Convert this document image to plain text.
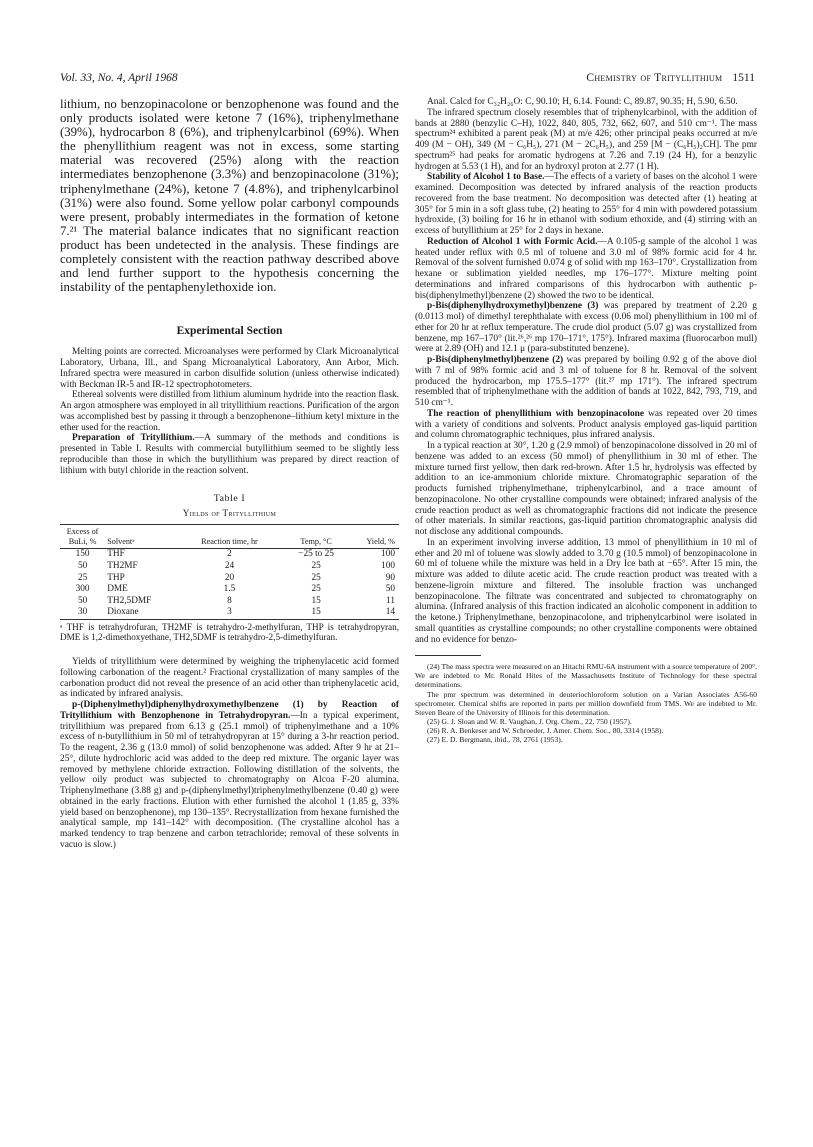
Vol. 33, No. 4, April 1968	Chemistry of Trityllithium 1511

lithium, no benzopinacolone or benzophenone was found and the only products isolated were ketone 7 (16%), triphenylmethane (39%), hydrocarbon 8 (6%), and triphenylcarbinol (69%). When the phenyllithium reagent was not in excess, some starting material was recovered (25%) along with the reaction intermediates benzophenone (3.3%) and benzopinacolone (31%); triphenylmethane (24%), ketone 7 (4.8%), and triphenylcarbinol (31%) were also found. Some yellow polar carbonyl compounds were present, probably intermediates in the formation of ketone 7.²¹ The material balance indicates that no significant reaction product has been undetected in the analysis. These findings are completely consistent with the reaction pathway described above and lend further support to the hypothesis concerning the instability of the pentaphenylethoxide ion.

Experimental Section

Melting points are corrected. Microanalyses were performed by Clark Microanalytical Laboratory, Urbana, Ill., and Spang Microanalytical Laboratory, Ann Arbor, Mich. Infrared spectra were measured in carbon disulfide solution (unless otherwise indicated) with Beckman IR-5 and IR-12 spectrophotometers.

Ethereal solvents were distilled from lithium aluminum hydride into the reaction flask. An argon atmosphere was employed in all trityllithium reactions. Purification of the argon was accomplished best by passing it through a benzophenone–lithium ketyl mixture in the ether used for the reaction.

Preparation of Trityllithium.—A summary of the methods and conditions is presented in Table I. Results with commercial butyllithium seemed to be slightly less reproducible than those in which the butyllithium was prepared by direct reaction of lithium with butyl chloride in the reaction solvent.

Table I

Yields of Trityllithium

Excess of BuLi, %	Solventᵃ	Reaction time, hr	Temp, °C	Yield, %
150	THF	2	−25 to 25	100
50	TH2MF	24	25	100
25	THP	20	25	90
300	DME	1.5	25	50
50	TH2,5DMF	8	15	11
30	Dioxane	3	15	14

ᵃ THF is tetrahydrofuran, TH2MF is tetrahydro-2-methylfuran, THP is tetrahydropyran, DME is 1,2-dimethoxyethane, TH2,5DMF is tetrahydro-2,5-dimethylfuran.

Yields of trityllithium were determined by weighing the triphenylacetic acid formed following carbonation of the reagent.² Fractional crystallization of many samples of the carbonation product did not reveal the presence of an acid other than triphenylacetic acid, as indicated by infrared analysis.

p-(Diphenylmethyl)diphenylhydroxymethylbenzene (1) by Reaction of Trityllithium with Benzophenone in Tetrahydropyran.—In a typical experiment, trityllithium was prepared from 6.13 g (25.1 mmol) of triphenylmethane and a 10% excess of n-butyllithium in 50 ml of tetrahydropyran at 15° during a 3-hr reaction period. To the reagent, 2.36 g (13.0 mmol) of solid benzophenone was added. After 9 hr at 21–25°, dilute hydrochloric acid was added to the deep red mixture. The organic layer was removed by methylene chloride extraction. Following distillation of the solvents, the yellow oily product was subjected to chromatography on Alcoa F-20 alumina. Triphenylmethane (3.88 g) and p-(diphenylmethyl)triphenylmethylbenzene (0.40 g) were obtained in the early fractions. Elution with ether furnished the alcohol 1 (1.85 g, 33% yield based on benzophenone), mp 130–135°. Recrystallization from hexane furnished the analytical sample, mp 141–142° with decomposition. (The crystalline alcohol has a marked tendency to trap benzene and carbon tetrachloride; removal of these solvents in vacuo is slow.)

Anal. Calcd for C₃₂H₂₆O: C, 90.10; H, 6.14. Found: C, 89.87, 90.35; H, 5.90, 6.50.

The infrared spectrum closely resembles that of triphenylcarbinol, with the addition of bands at 2880 (benzylic C–H), 1022, 840, 805, 732, 662, 607, and 510 cm⁻¹. The mass spectrum²⁴ exhibited a parent peak (M) at m/e 426; other principal peaks occurred at m/e 409 (M − OH), 349 (M − C₆H₅), 271 (M − 2C₆H₅), and 259 [M − (C₆H₅)₂CH]. The pmr spectrum²⁵ had peaks for aromatic hydrogens at 7.26 and 7.19 (24 H), for a benzylic hydrogen at 5.53 (1 H), and for an hydroxyl proton at 2.77 (1 H).

Stability of Alcohol 1 to Base.—The effects of a variety of bases on the alcohol 1 were examined. Decomposition was detected by infrared analysis of the reaction products recovered from the base treatment. No decomposition was detected after (1) heating at 305° for 5 min in a soft glass tube, (2) heating to 255° for 4 min with powdered potassium hydroxide, (3) boiling for 16 hr in ethanol with sodium ethoxide, and (4) stirring with an excess of butyllithium at 25° for 2 days in hexane.

Reduction of Alcohol 1 with Formic Acid.—A 0.105-g sample of the alcohol 1 was heated under reflux with 0.5 ml of toluene and 3.0 ml of 98% formic acid for 4 hr. Removal of the solvent furnished 0.074 g of solid with mp 163–170°. Crystallization from hexane or sublimation yielded needles, mp 176–177°. Mixture melting point determinations and infrared comparisons of this hydrocarbon with authentic p-bis(diphenylmethyl)benzene (2) showed the two to be identical.

p-Bis(diphenylhydroxymethyl)benzene (3) was prepared by treatment of 2.20 g (0.0113 mol) of dimethyl terephthalate with excess (0.06 mol) phenyllithium in 100 ml of ether for 20 hr at reflux temperature. The crude diol product (5.07 g) was crystallized from benzene, mp 167–170° (lit.²⁶,²⁶ mp 170–171°, 175°). Infrared maxima (fluorocarbon mull) were at 2.89 (OH) and 12.1 μ (para-substituted benzene).

p-Bis(diphenylmethyl)benzene (2) was prepared by boiling 0.92 g of the above diol with 7 ml of 98% formic acid and 3 ml of toluene for 8 hr. Removal of the solvent produced the hydrocarbon, mp 175.5–177° (lit.²⁷ mp 171°). The infrared spectrum resembled that of triphenylmethane with the addition of bands at 1022, 842, 793, 719, and 510 cm⁻¹.

The reaction of phenyllithium with benzopinacolone was repeated over 20 times with a variety of conditions and solvents. Product analysis employed gas-liquid partition and column chromatographic techniques, plus infrared analysis.

In a typical reaction at 30°, 1.20 g (2.9 mmol) of benzopinacolone dissolved in 20 ml of benzene was added to an excess (50 mmol) of phenyllithium in 30 ml of ether. The mixture turned first yellow, then dark red-brown. After 1.5 hr, hydrolysis was effected by addition to an ice-ammonium chloride mixture. Chromatographic separation of the products furnished triphenylmethane, triphenylcarbinol, and a trace amount of benzopinacolone. No other crystalline compounds were obtained; infrared analysis of the crude reaction product as well as chromatographic fractions did not indicate the presence of other materials. In similar reactions, gas-liquid partition chromatographic analysis did not disclose any additional compounds.

In an experiment involving inverse addition, 13 mmol of phenyllithium in 10 ml of ether and 20 ml of toluene was slowly added to 3.70 g (10.5 mmol) of benzopinacolone in 60 ml of toluene while the mixture was held in a Dry Ice bath at −65°. After 15 min, the mixture was added to dilute acetic acid. The crude reaction product was treated with a benzene-ligroin mixture and filtered. The insoluble fraction was unchanged benzopinacolone. The filtrate was concentrated and subjected to chromatography on alumina. (Infrared analysis of this fraction indicated an alcoholic component in addition to the ketone.) Triphenylmethane, benzopinacolone, and triphenylcarbinol were isolated in small quantities as crystalline compounds; no other crystalline components were obtained and no evidence for benzo-

(24) The mass spectra were measured on an Hitachi RMU-6A instrument with a source temperature of 200°. We are indebted to Mr. Ronald Hites of the Massachusetts Institute of Technology for these spectral determinations.

The pmr spectrum was determined in deuteriochloroform solution on a Varian Associates A56-60 spectrometer. Chemical shifts are reported in parts per million downfield from TMS. We are indebted to Mr. Steven Beare of the University of Illinois for this determination.

(25) G. J. Sloan and W. R. Vaughan, J. Org. Chem., 22, 750 (1957).

(26) R. A. Benkeser and W. Schroeder, J. Amer. Chem. Soc., 80, 3314 (1958).

(27) E. D. Bergmann, ibid., 78, 2761 (1953).
